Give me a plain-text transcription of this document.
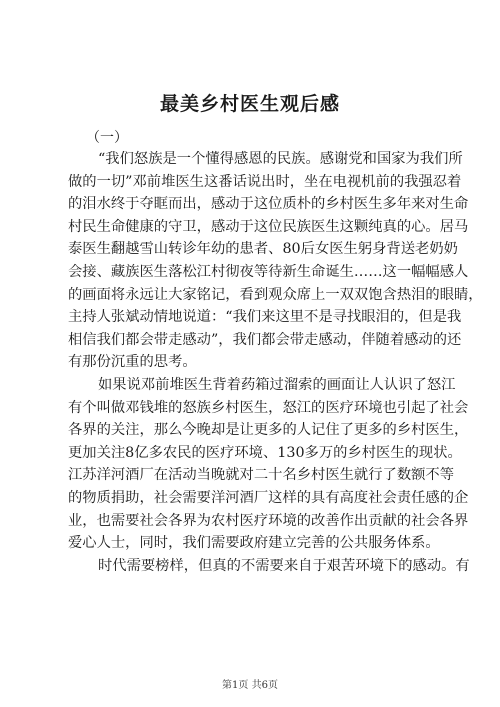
最美乡村医生观后感
（一）

“我们怒族是一个懂得感恩的民族。感谢党和国家为我们所
做的一切”邓前堆医生这番话说出时，坐在电视机前的我强忍着
的泪水终于夺眶而出，感动于这位质朴的乡村医生多年来对生命
村民生命健康的守卫，感动于这位民族医生这颗纯真的心。居马
泰医生翻越雪山转诊年幼的患者、80后女医生躬身背送老奶奶
会接、藏族医生落松江村彻夜等待新生命诞生……这一幅幅感人
的画面将永远让大家铭记，看到观众席上一双双饱含热泪的眼睛，
主持人张斌动情地说道：“我们来这里不是寻找眼泪的，但是我
相信我们都会带走感动”，我们都会带走感动，伴随着感动的还
有那份沉重的思考。

如果说邓前堆医生背着药箱过溜索的画面让人认识了怒江
有个叫做邓钱堆的怒族乡村医生，怒江的医疗环境也引起了社会
各界的关注，那么今晚却是让更多的人记住了更多的乡村医生，
更加关注8亿多农民的医疗环境、130多万的乡村医生的现状。
江苏洋河酒厂在活动当晚就对二十名乡村医生就行了数额不等
的物质捐助，社会需要洋河酒厂这样的具有高度社会责任感的企
业，也需要社会各界为农村医疗环境的改善作出贡献的社会各界
爱心人士，同时，我们需要政府建立完善的公共服务体系。

时代需要榜样，但真的不需要来自于艰苦环境下的感动。有

第1页 共6页
